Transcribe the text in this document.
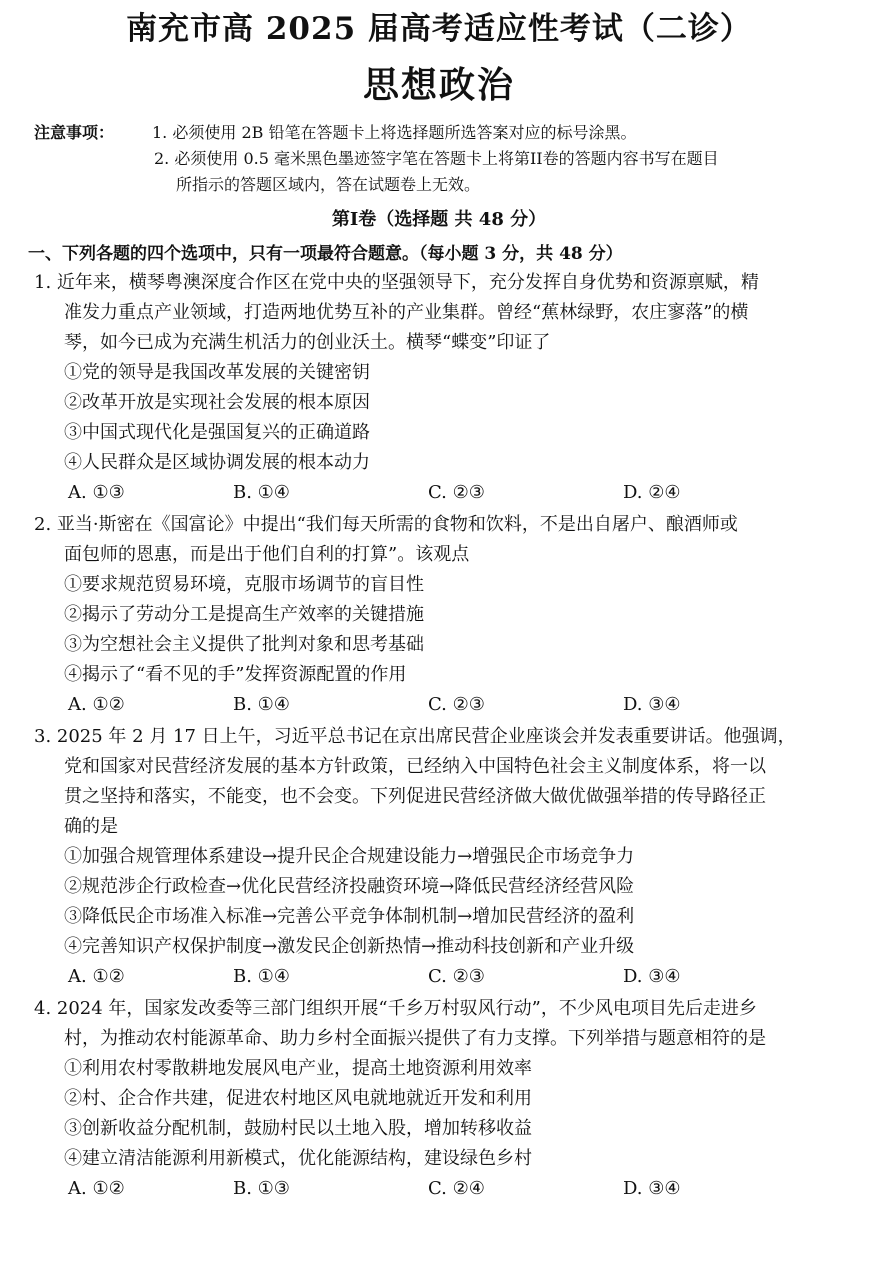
南充市高 2025 届高考适应性考试（二诊）
思想政治
注意事项：	1. 必须使用 2B 铅笔在答题卡上将选择题所选答案对应的标号涂黑。
2. 必须使用 0.5 毫米黑色墨迹签字笔在答题卡上将第II卷的答题内容书写在题目
所指示的答题区域内，答在试题卷上无效。
第I卷（选择题 共 48 分）
一、下列各题的四个选项中，只有一项最符合题意。（每小题 3 分，共 48 分）
1. 近年来，横琴粤澳深度合作区在党中央的坚强领导下，充分发挥自身优势和资源禀赋，精
准发力重点产业领域，打造两地优势互补的产业集群。曾经“蕉林绿野，农庄寥落”的横
琴，如今已成为充满生机活力的创业沃土。横琴“蝶变”印证了
①党的领导是我国改革发展的关键密钥
②改革开放是实现社会发展的根本原因
③中国式现代化是强国复兴的正确道路
④人民群众是区域协调发展的根本动力
A. ①③	B. ①④	C. ②③	D. ②④
2. 亚当·斯密在《国富论》中提出“我们每天所需的食物和饮料，不是出自屠户、酿酒师或
面包师的恩惠，而是出于他们自利的打算”。该观点
①要求规范贸易环境，克服市场调节的盲目性
②揭示了劳动分工是提高生产效率的关键措施
③为空想社会主义提供了批判对象和思考基础
④揭示了“看不见的手”发挥资源配置的作用
A. ①②	B. ①④	C. ②③	D. ③④
3. 2025 年 2 月 17 日上午，习近平总书记在京出席民营企业座谈会并发表重要讲话。他强调，
党和国家对民营经济发展的基本方针政策，已经纳入中国特色社会主义制度体系，将一以
贯之坚持和落实，不能变，也不会变。下列促进民营经济做大做优做强举措的传导路径正
确的是
①加强合规管理体系建设→提升民企合规建设能力→增强民企市场竞争力
②规范涉企行政检查→优化民营经济投融资环境→降低民营经济经营风险
③降低民企市场准入标准→完善公平竞争体制机制→增加民营经济的盈利
④完善知识产权保护制度→激发民企创新热情→推动科技创新和产业升级
A. ①②	B. ①④	C. ②③	D. ③④
4. 2024 年，国家发改委等三部门组织开展“千乡万村驭风行动”，不少风电项目先后走进乡
村，为推动农村能源革命、助力乡村全面振兴提供了有力支撑。下列举措与题意相符的是
①利用农村零散耕地发展风电产业，提高土地资源利用效率
②村、企合作共建，促进农村地区风电就地就近开发和利用
③创新收益分配机制，鼓励村民以土地入股，增加转移收益
④建立清洁能源利用新模式，优化能源结构，建设绿色乡村
A. ①②	B. ①③	C. ②④	D. ③④
